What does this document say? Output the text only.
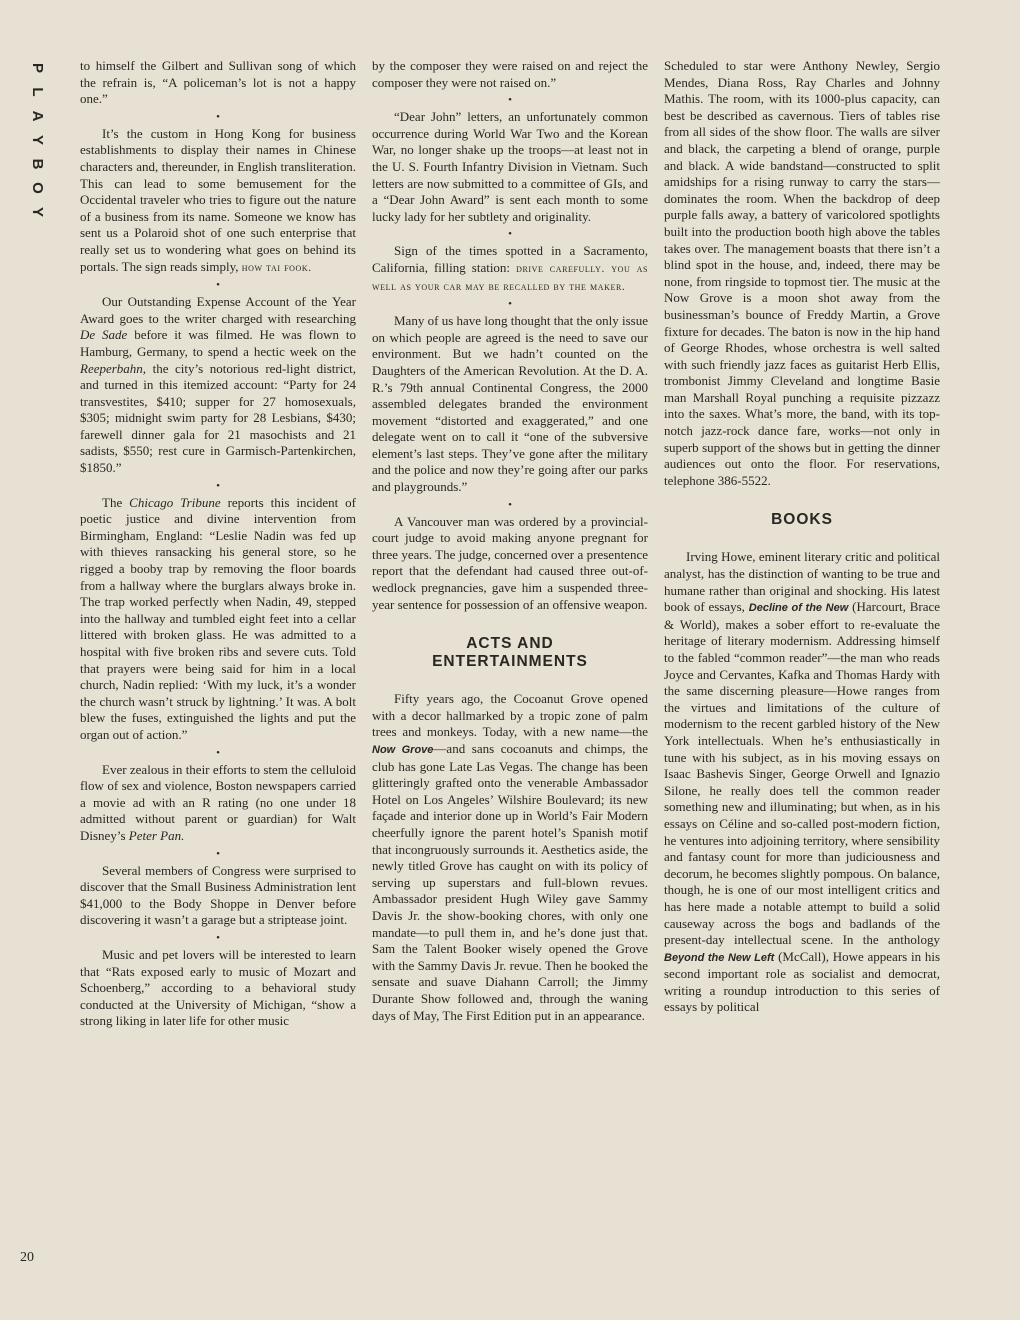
P
L
A
Y
B
O
Y
20

to himself the Gilbert and Sullivan song of which the refrain is, “A policeman’s lot is not a happy one.”

•

It’s the custom in Hong Kong for business establishments to display their names in Chinese characters and, thereunder, in English transliteration. This can lead to some bemusement for the Occidental traveler who tries to figure out the nature of a business from its name. Someone we know has sent us a Polaroid shot of one such enterprise that really set us to wondering what goes on behind its portals. The sign reads simply, how tai fook.

•

Our Outstanding Expense Account of the Year Award goes to the writer charged with researching De Sade before it was filmed. He was flown to Hamburg, Germany, to spend a hectic week on the Reeperbahn, the city’s notorious red-light district, and turned in this itemized account: “Party for 24 transvestites, $410; supper for 27 homosexuals, $305; midnight swim party for 28 Lesbians, $430; farewell dinner gala for 21 masochists and 21 sadists, $550; rest cure in Garmisch-Partenkirchen, $1850.”

•

The Chicago Tribune reports this incident of poetic justice and divine intervention from Birmingham, England: “Leslie Nadin was fed up with thieves ransacking his general store, so he rigged a booby trap by removing the floor boards from a hallway where the burglars always broke in. The trap worked perfectly when Nadin, 49, stepped into the hallway and tumbled eight feet into a cellar littered with broken glass. He was admitted to a hospital with five broken ribs and severe cuts. Told that prayers were being said for him in a local church, Nadin replied: ‘With my luck, it’s a wonder the church wasn’t struck by lightning.’ It was. A bolt blew the fuses, extinguished the lights and put the organ out of action.”

•

Ever zealous in their efforts to stem the celluloid flow of sex and violence, Boston newspapers carried a movie ad with an R rating (no one under 18 admitted without parent or guardian) for Walt Disney’s Peter Pan.

•

Several members of Congress were surprised to discover that the Small Business Administration lent $41,000 to the Body Shoppe in Denver before discovering it wasn’t a garage but a striptease joint.

•

Music and pet lovers will be interested to learn that “Rats exposed early to music of Mozart and Schoenberg,” according to a behavioral study conducted at the University of Michigan, “show a strong liking in later life for other music

by the composer they were raised on and reject the composer they were not raised on.”

•

“Dear John” letters, an unfortunately common occurrence during World War Two and the Korean War, no longer shake up the troops—at least not in the U. S. Fourth Infantry Division in Vietnam. Such letters are now submitted to a committee of GIs, and a “Dear John Award” is sent each month to some lucky lady for her subtlety and originality.

•

Sign of the times spotted in a Sacramento, California, filling station: drive carefully. you as well as your car may be recalled by the maker.

•

Many of us have long thought that the only issue on which people are agreed is the need to save our environment. But we hadn’t counted on the Daughters of the American Revolution. At the D. A. R.’s 79th annual Continental Congress, the 2000 assembled delegates branded the environment movement “distorted and exaggerated,” and one delegate went on to call it “one of the subversive element’s last steps. They’ve gone after the military and the police and now they’re going after our parks and playgrounds.”

•

A Vancouver man was ordered by a provincial-court judge to avoid making anyone pregnant for three years. The judge, concerned over a presentence report that the defendant had caused three out-of-wedlock pregnancies, gave him a suspended three-year sentence for possession of an offensive weapon.

ACTS AND
ENTERTAINMENTS

Fifty years ago, the Cocoanut Grove opened with a decor hallmarked by a tropic zone of palm trees and monkeys. Today, with a new name—the Now Grove—and sans cocoanuts and chimps, the club has gone Late Las Vegas. The change has been glitteringly grafted onto the venerable Ambassador Hotel on Los Angeles’ Wilshire Boulevard; its new façade and interior done up in World’s Fair Modern cheerfully ignore the parent hotel’s Spanish motif that incongruously surrounds it. Aesthetics aside, the newly titled Grove has caught on with its policy of serving up superstars and full-blown revues. Ambassador president Hugh Wiley gave Sammy Davis Jr. the show-booking chores, with only one mandate—to pull them in, and he’s done just that. Sam the Talent Booker wisely opened the Grove with the Sammy Davis Jr. revue. Then he booked the sensate and suave Diahann Carroll; the Jimmy Durante Show followed and, through the waning days of May, The First Edition put in an appearance.

Scheduled to star were Anthony Newley, Sergio Mendes, Diana Ross, Ray Charles and Johnny Mathis. The room, with its 1000-plus capacity, can best be described as cavernous. Tiers of tables rise from all sides of the show floor. The walls are silver and black, the carpeting a blend of orange, purple and black. A wide bandstand—constructed to split amidships for a rising runway to carry the stars—dominates the room. When the backdrop of deep purple falls away, a battery of varicolored spotlights built into the production booth high above the tables takes over. The management boasts that there isn’t a blind spot in the house, and, indeed, there may be none, from ringside to topmost tier. The music at the Now Grove is a moon shot away from the businessman’s bounce of Freddy Martin, a Grove fixture for decades. The baton is now in the hip hand of George Rhodes, whose orchestra is well salted with such friendly jazz faces as guitarist Herb Ellis, trombonist Jimmy Cleveland and longtime Basie man Marshall Royal punching a requisite pizzazz into the saxes. What’s more, the band, with its top-notch jazz-rock dance fare, works—not only in superb support of the shows but in getting the dinner audiences out onto the floor. For reservations, telephone 386-5522.

BOOKS

Irving Howe, eminent literary critic and political analyst, has the distinction of wanting to be true and humane rather than original and shocking. His latest book of essays, Decline of the New (Harcourt, Brace & World), makes a sober effort to re-evaluate the heritage of literary modernism. Addressing himself to the fabled “common reader”—the man who reads Joyce and Cervantes, Kafka and Thomas Hardy with the same discerning pleasure—Howe ranges from the virtues and limitations of the culture of modernism to the recent garbled history of the New York intellectuals. When he’s enthusiastically in tune with his subject, as in his moving essays on Isaac Bashevis Singer, George Orwell and Ignazio Silone, he really does tell the common reader something new and illuminating; but when, as in his essays on Céline and so-called post-modern fiction, he ventures into adjoining territory, where sensibility and fantasy count for more than judiciousness and decorum, he becomes slightly pompous. On balance, though, he is one of our most intelligent critics and has here made a notable attempt to build a solid causeway across the bogs and badlands of the present-day intellectual scene. In the anthology Beyond the New Left (McCall), Howe appears in his second important role as socialist and democrat, writing a roundup introduction to this series of essays by political
